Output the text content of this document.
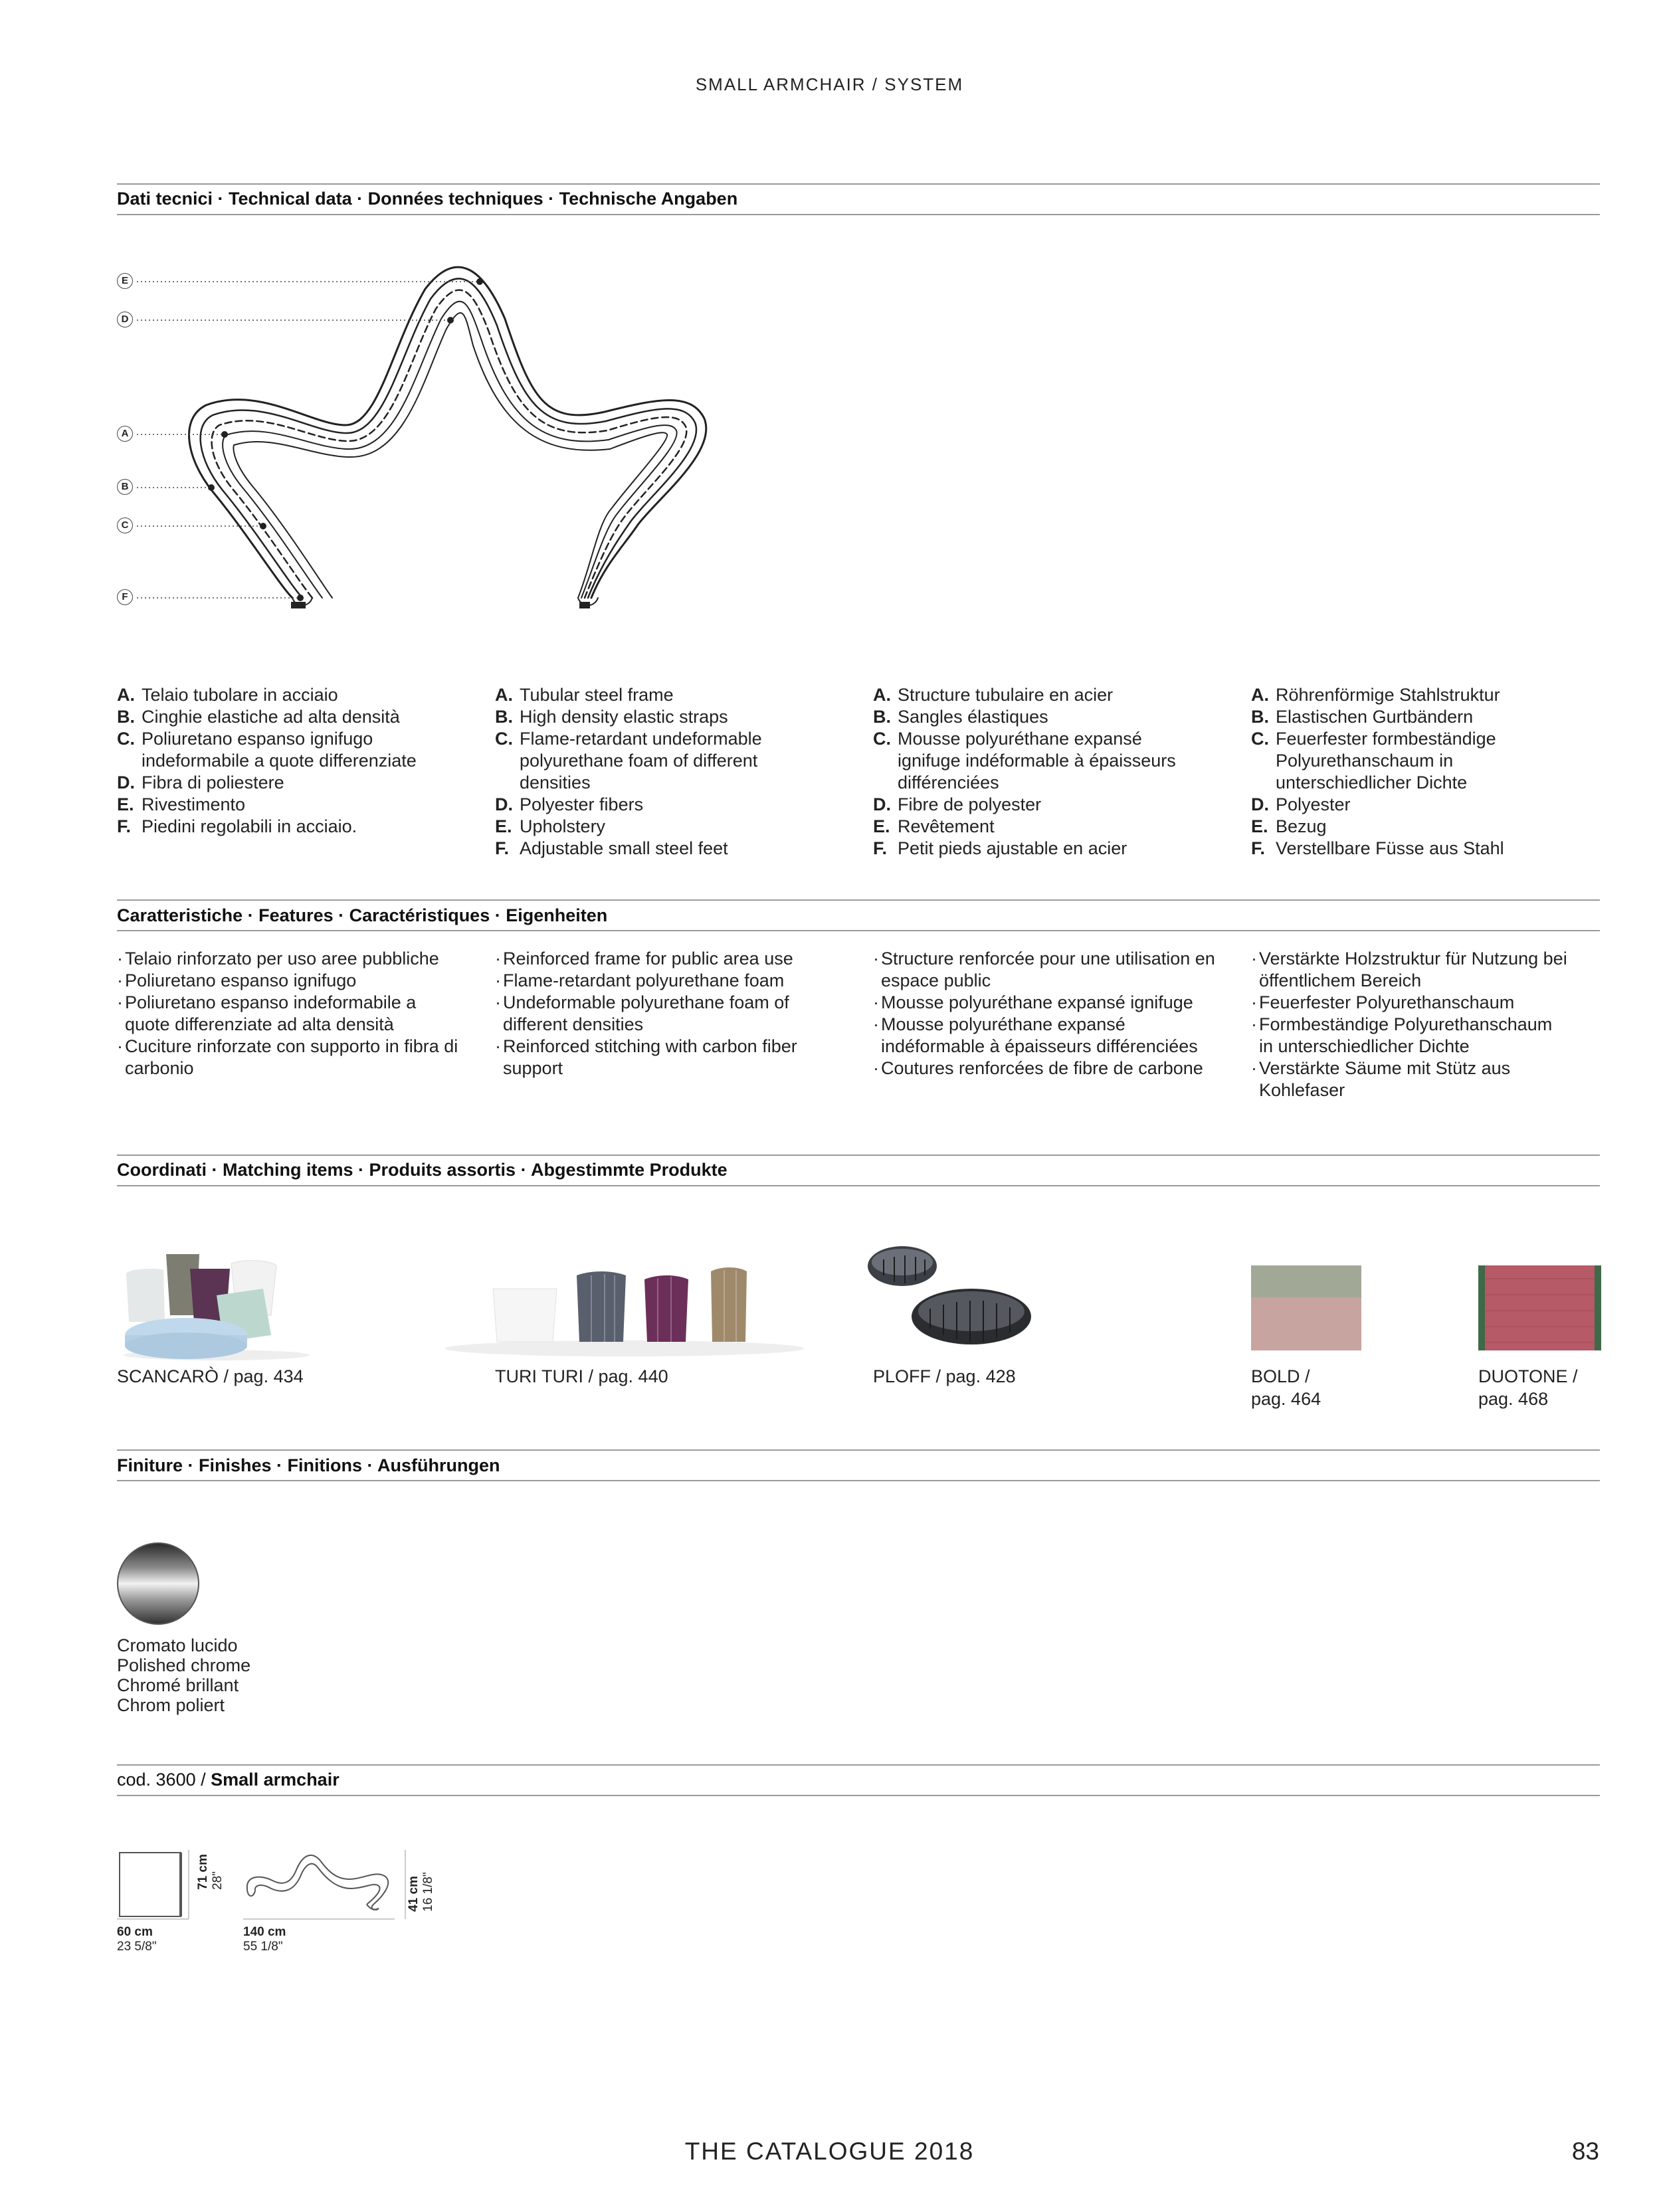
SMALL ARMCHAIR / SYSTEM
Dati tecnici · Technical data · Données techniques · Technische Angaben
E
D
A
B
C
F
A. Telaio tubolare in acciaio
B. Cinghie elastiche ad alta densità
C. Poliuretano espanso ignifugo indeformabile a quote differenziate
D. Fibra di poliestere
E. Rivestimento
F. Piedini regolabili in acciaio.
A. Tubular steel frame
B. High density elastic straps
C. Flame-retardant undeformable polyurethane foam of different densities
D. Polyester fibers
E. Upholstery
F. Adjustable small steel feet
A. Structure tubulaire en acier
B. Sangles élastiques
C. Mousse polyuréthane expansé ignifuge indéformable à épaisseurs différenciées
D. Fibre de polyester
E. Revêtement
F. Petit pieds ajustable en acier
A. Röhrenförmige Stahlstruktur
B. Elastischen Gurtbändern
C. Feuerfester formbeständige Polyurethanschaum in unterschiedlicher Dichte
D. Polyester
E. Bezug
F. Verstellbare Füsse aus Stahl
Caratteristiche · Features · Caractéristiques · Eigenheiten
· Telaio rinforzato per uso aree pubbliche
· Poliuretano espanso ignifugo
· Poliuretano espanso indeformabile a quote differenziate ad alta densità
· Cuciture rinforzate con supporto in fibra di carbonio
· Reinforced frame for public area use
· Flame-retardant polyurethane foam
· Undeformable polyurethane foam of different densities
· Reinforced stitching with carbon fiber support
· Structure renforcée pour une utilisation en espace public
· Mousse polyuréthane expansé ignifuge
· Mousse polyuréthane expansé indéformable à épaisseurs différenciées
· Coutures renforcées de fibre de carbone
· Verstärkte Holzstruktur für Nutzung bei öffentlichem Bereich
· Feuerfester Polyurethanschaum
· Formbeständige Polyurethanschaum in unterschiedlicher Dichte
· Verstärkte Säume mit Stütz aus Kohlefaser
Coordinati · Matching items · Produits assortis · Abgestimmte Produkte
SCANCARÒ / pag. 434	TURI TURI / pag. 440	PLOFF / pag. 428	BOLD /
pag. 464
DUOTONE /
pag. 468
Finiture · Finishes · Finitions · Ausführungen
Cromato lucido
Polished chrome
Chromé brillant
Chrom poliert
cod. 3600 / Small armchair
71 cm 28"
60 cm
23 5/8"
41 cm 16 1/8"
140 cm
55 1/8"
THE CATALOGUE 2018	83
